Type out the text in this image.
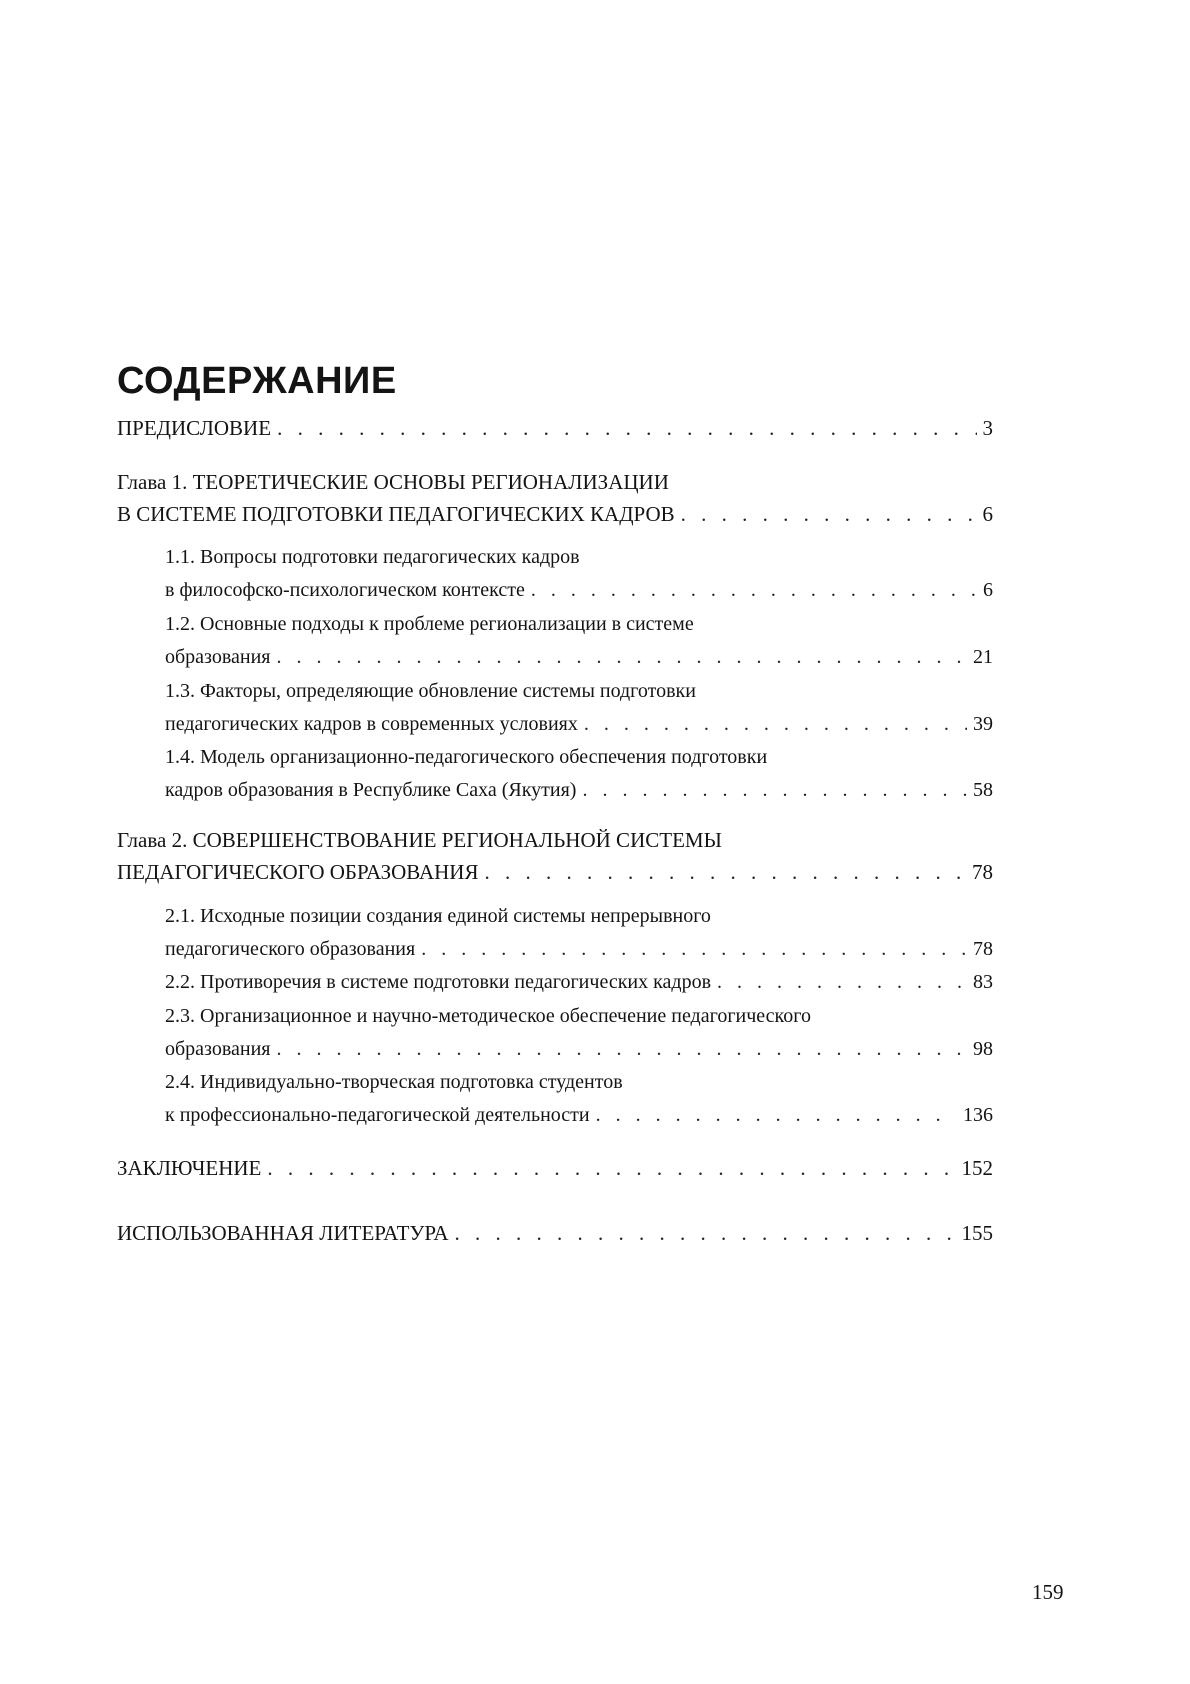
СОДЕРЖАНИЕ
ПРЕДИСЛОВИЕ . . .	3
Глава 1. ТЕОРЕТИЧЕСКИЕ ОСНОВЫ РЕГИОНАЛИЗАЦИИ
В СИСТЕМЕ ПОДГОТОВКИ ПЕДАГОГИЧЕСКИХ КАДРОВ . . .	6
1.1. Вопросы подготовки педагогических кадров
в философско-психологическом контексте . . .	6
1.2. Основные подходы к проблеме регионализации в системе
образования . . .	21
1.3. Факторы, определяющие обновление системы подготовки
педагогических кадров в современных условиях . . .	39
1.4. Модель организационно-педагогического обеспечения подготовки
кадров образования в Республике Саха (Якутия) . . .	58
Глава 2. СОВЕРШЕНСТВОВАНИЕ РЕГИОНАЛЬНОЙ СИСТЕМЫ
ПЕДАГОГИЧЕСКОГО ОБРАЗОВАНИЯ . . .	78
2.1. Исходные позиции создания единой системы непрерывного
педагогического образования . . .	78
2.2. Противоречия в системе подготовки педагогических кадров . . .	83
2.3. Организационное и научно-методическое обеспечение педагогического
образования . . .	98
2.4. Индивидуально-творческая подготовка студентов
к профессионально-педагогической деятельности . . .	136
ЗАКЛЮЧЕНИЕ . . .	152
ИСПОЛЬЗОВАННАЯ ЛИТЕРАТУРА . . .	155
159
